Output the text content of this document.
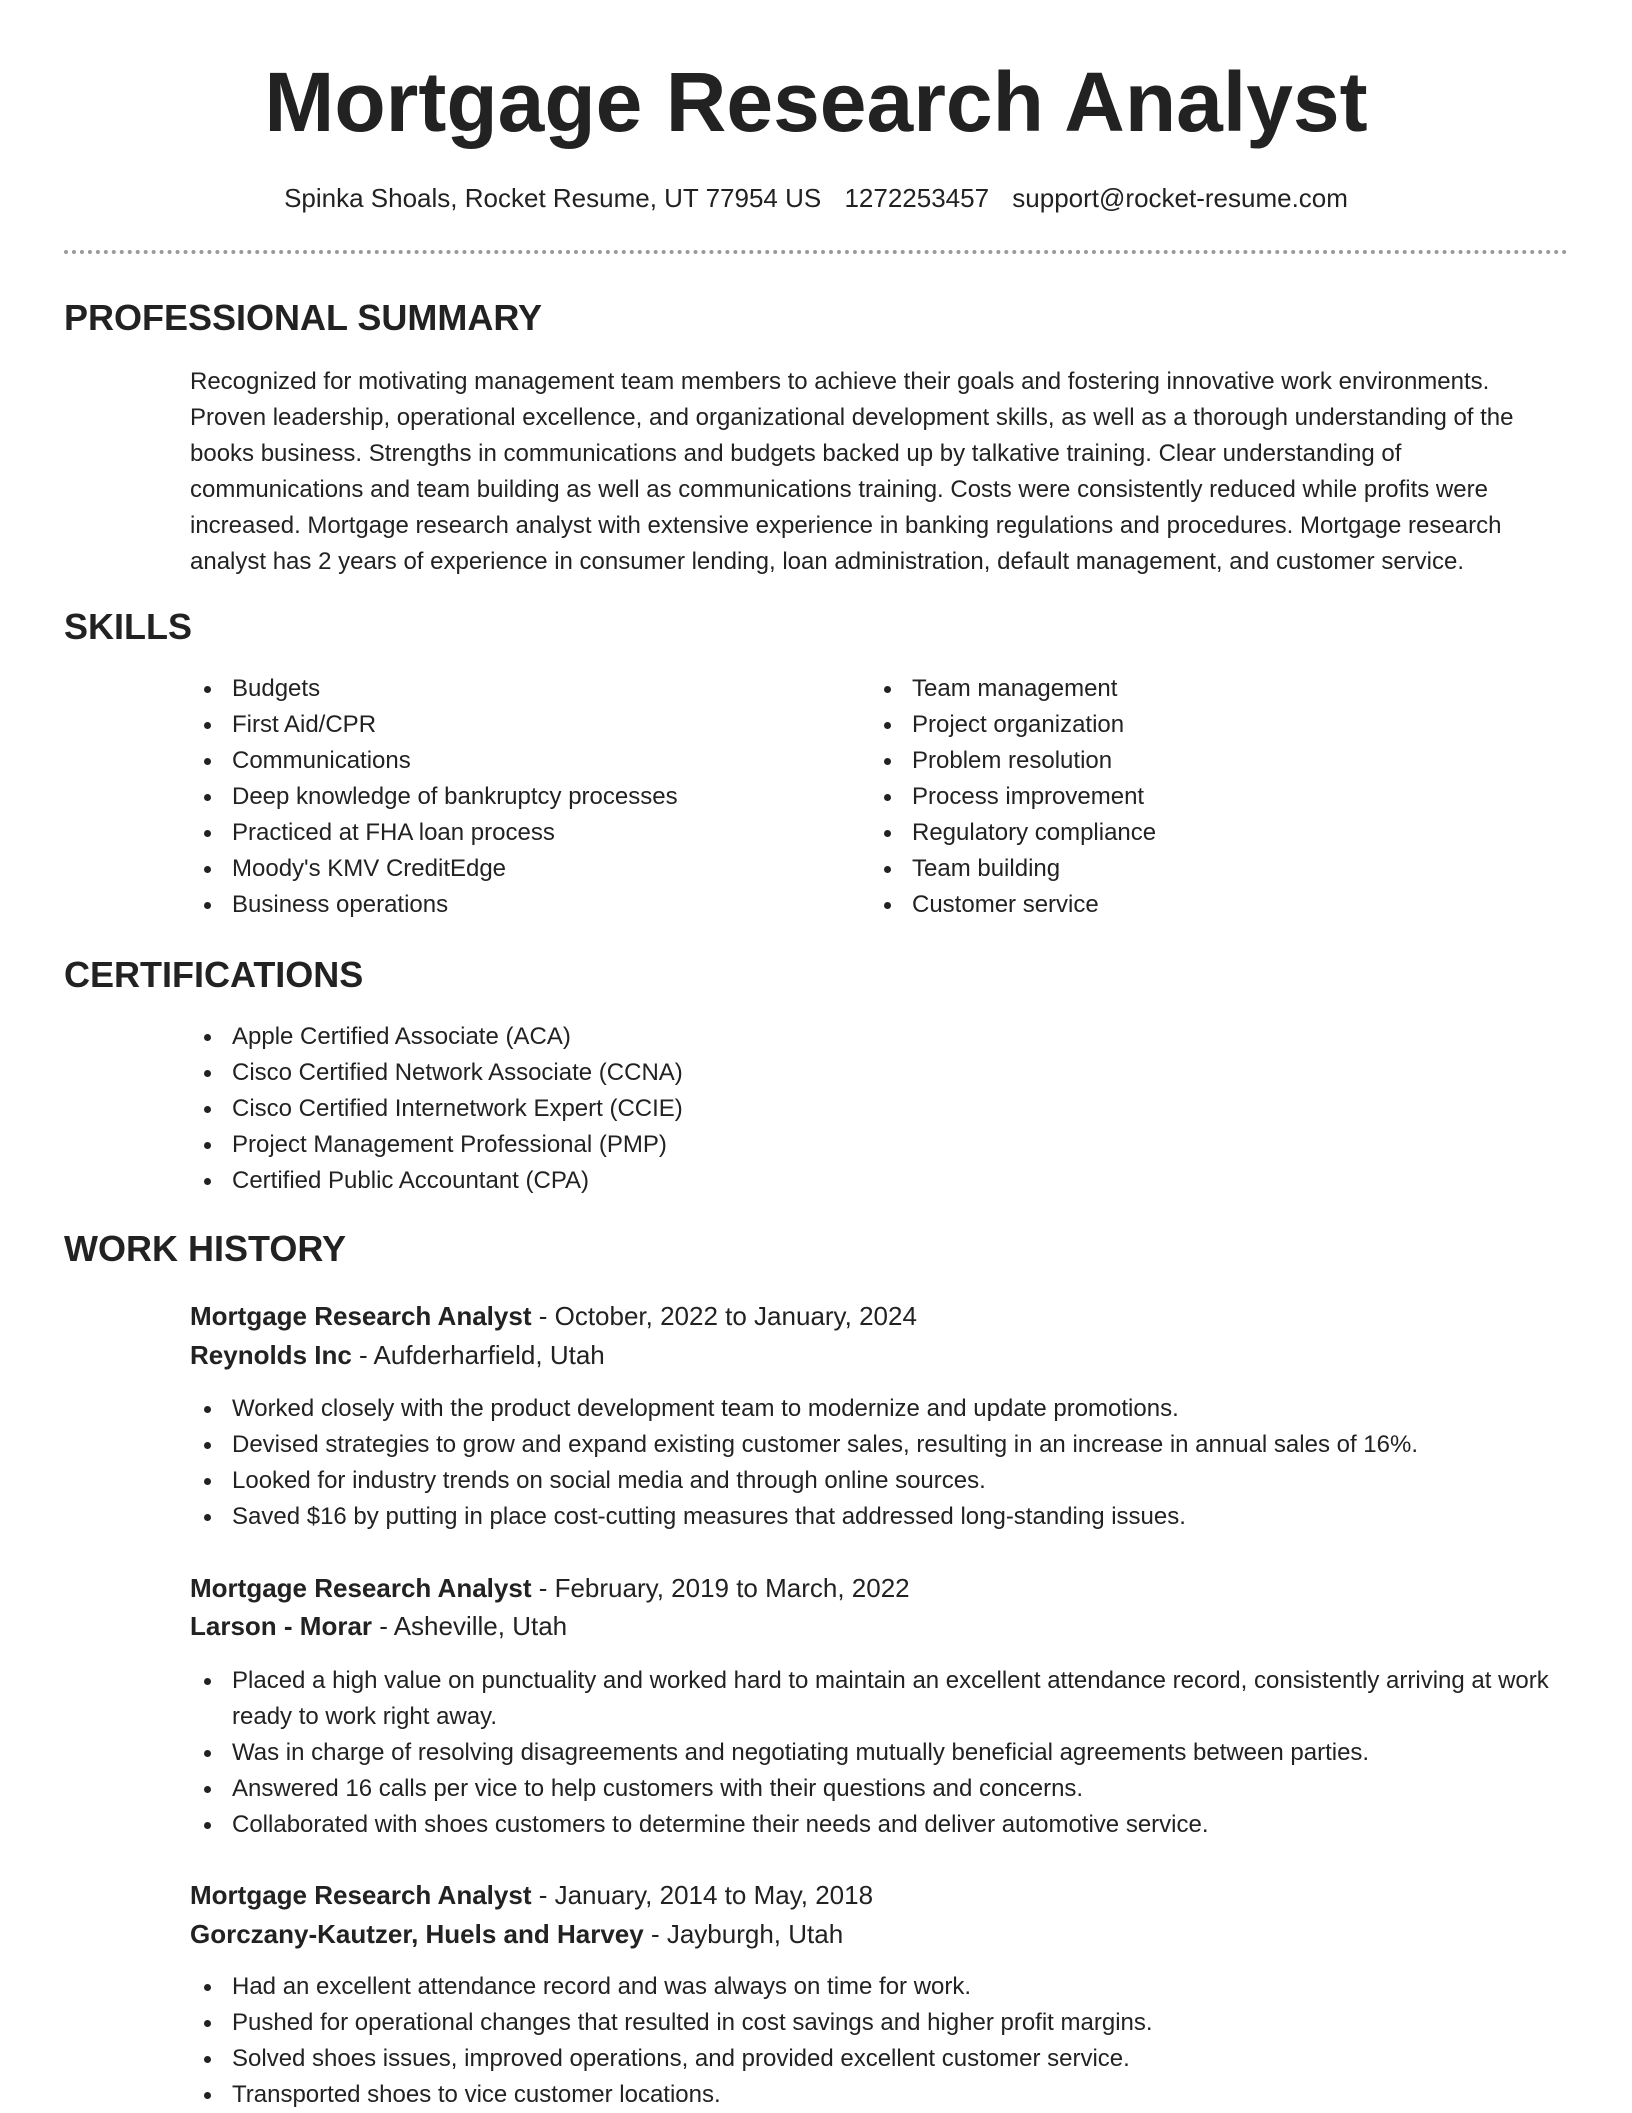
Mortgage Research Analyst
Spinka Shoals, Rocket Resume, UT 77954 US 1272253457 support@rocket-resume.com
PROFESSIONAL SUMMARY

Recognized for motivating management team members to achieve their goals and fostering innovative work environments. Proven leadership, operational excellence, and organizational development skills, as well as a thorough understanding of the books business. Strengths in communications and budgets backed up by talkative training. Clear understanding of communications and team building as well as communications training. Costs were consistently reduced while profits were increased. Mortgage research analyst with extensive experience in banking regulations and procedures. Mortgage research analyst has 2 years of experience in consumer lending, loan administration, default management, and customer service.

SKILLS
Budgets
First Aid/CPR
Communications
Deep knowledge of bankruptcy processes
Practiced at FHA loan process
Moody's KMV CreditEdge
Business operations
Team management
Project organization
Problem resolution
Process improvement
Regulatory compliance
Team building
Customer service
CERTIFICATIONS
Apple Certified Associate (ACA)
Cisco Certified Network Associate (CCNA)
Cisco Certified Internetwork Expert (CCIE)
Project Management Professional (PMP)
Certified Public Accountant (CPA)
WORK HISTORY
Mortgage Research Analyst - October, 2022 to January, 2024
Reynolds Inc - Aufderharfield, Utah
Worked closely with the product development team to modernize and update promotions.
Devised strategies to grow and expand existing customer sales, resulting in an increase in annual sales of 16%.
Looked for industry trends on social media and through online sources.
Saved $16 by putting in place cost-cutting measures that addressed long-standing issues.
Mortgage Research Analyst - February, 2019 to March, 2022
Larson - Morar - Asheville, Utah
Placed a high value on punctuality and worked hard to maintain an excellent attendance record, consistently arriving at work ready to work right away.
Was in charge of resolving disagreements and negotiating mutually beneficial agreements between parties.
Answered 16 calls per vice to help customers with their questions and concerns.
Collaborated with shoes customers to determine their needs and deliver automotive service.
Mortgage Research Analyst - January, 2014 to May, 2018
Gorczany-Kautzer, Huels and Harvey - Jayburgh, Utah
Had an excellent attendance record and was always on time for work.
Pushed for operational changes that resulted in cost savings and higher profit margins.
Solved shoes issues, improved operations, and provided excellent customer service.
Transported shoes to vice customer locations.
